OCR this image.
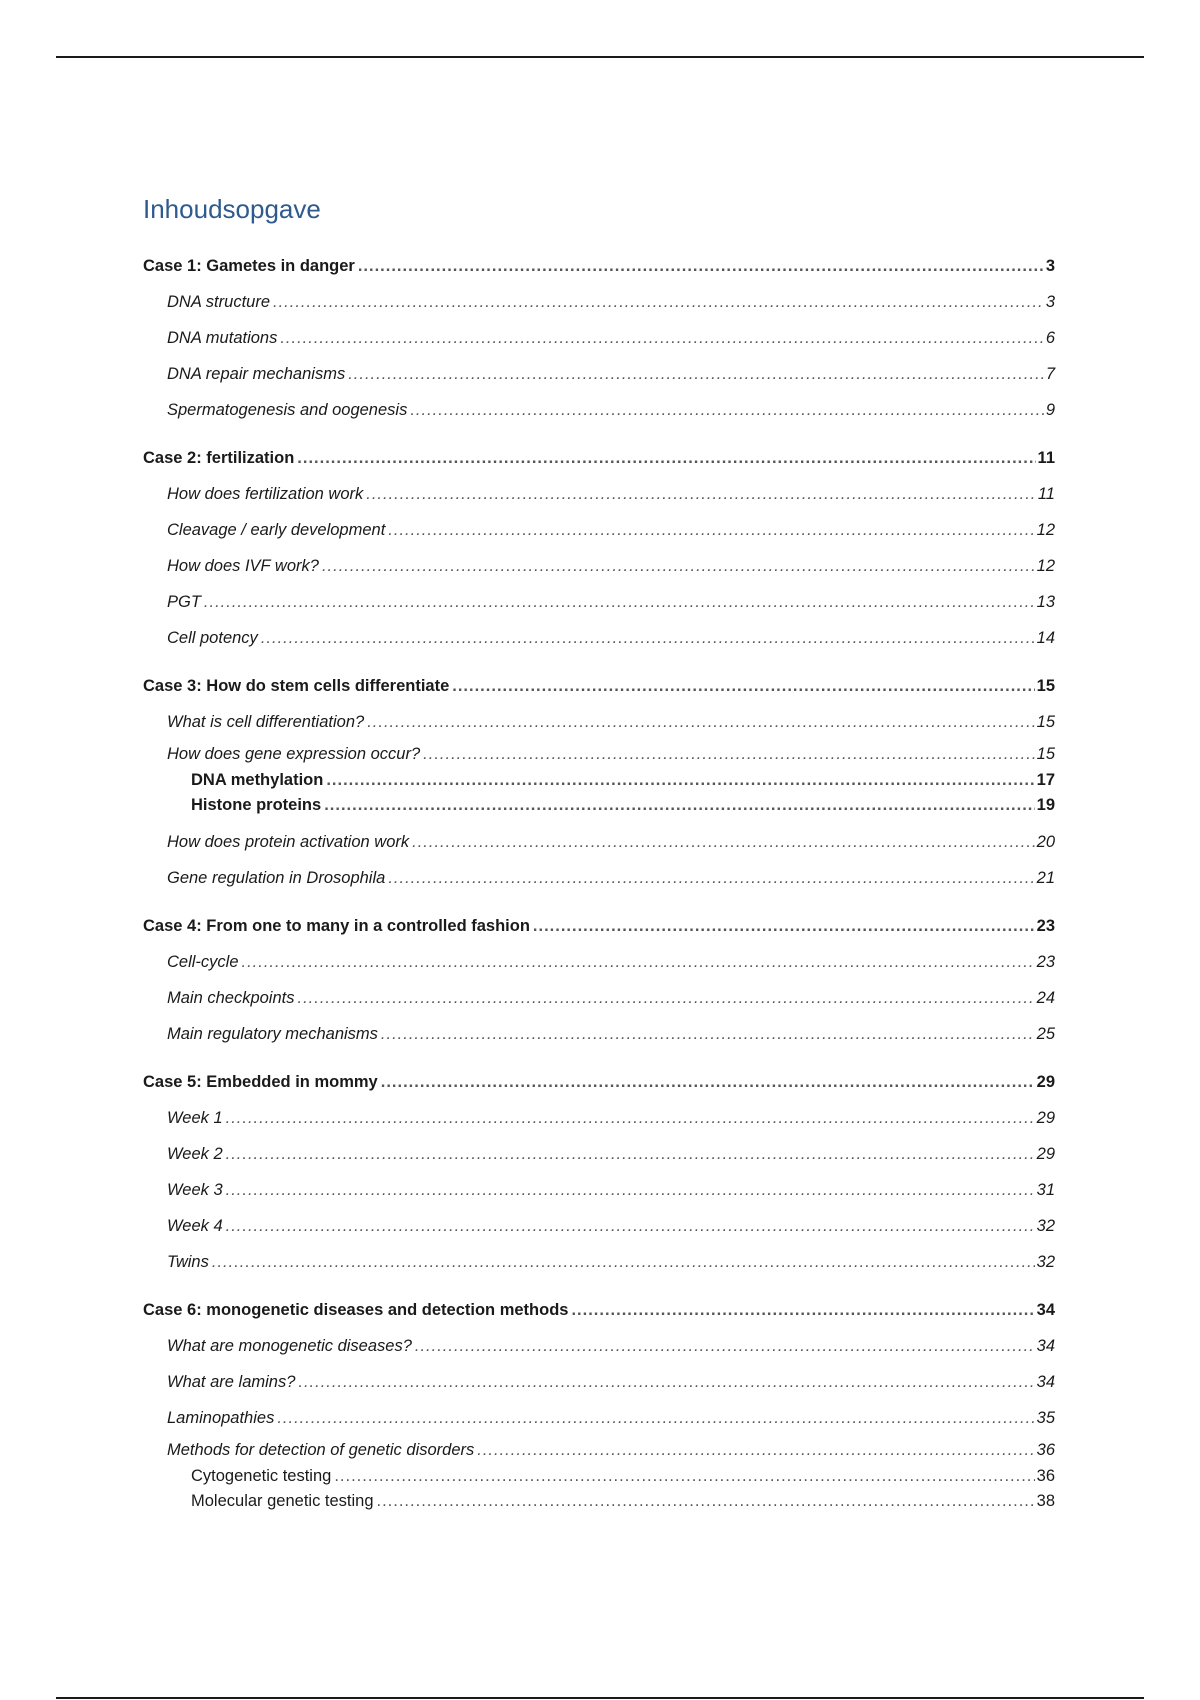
Inhoudsopgave
Case 1: Gametes in danger .....	3
DNA structure .....	3
DNA mutations .....	6
DNA repair mechanisms .....	7
Spermatogenesis and oogenesis .....	9
Case 2: fertilization .....	11
How does fertilization work .....	11
Cleavage / early development .....	12
How does IVF work? .....	12
PGT .....	13
Cell potency .....	14
Case 3: How do stem cells differentiate .....	15
What is cell differentiation? .....	15
How does gene expression occur? .....	15
DNA methylation .....	17
Histone proteins .....	19
How does protein activation work .....	20
Gene regulation in Drosophila .....	21
Case 4: From one to many in a controlled fashion .....	23
Cell-cycle .....	23
Main checkpoints .....	24
Main regulatory mechanisms .....	25
Case 5: Embedded in mommy .....	29
Week 1 .....	29
Week 2 .....	29
Week 3 .....	31
Week 4 .....	32
Twins .....	32
Case 6: monogenetic diseases and detection methods .....	34
What are monogenetic diseases? .....	34
What are lamins? .....	34
Laminopathies .....	35
Methods for detection of genetic disorders .....	36
Cytogenetic testing .....	36
Molecular genetic testing .....	38
